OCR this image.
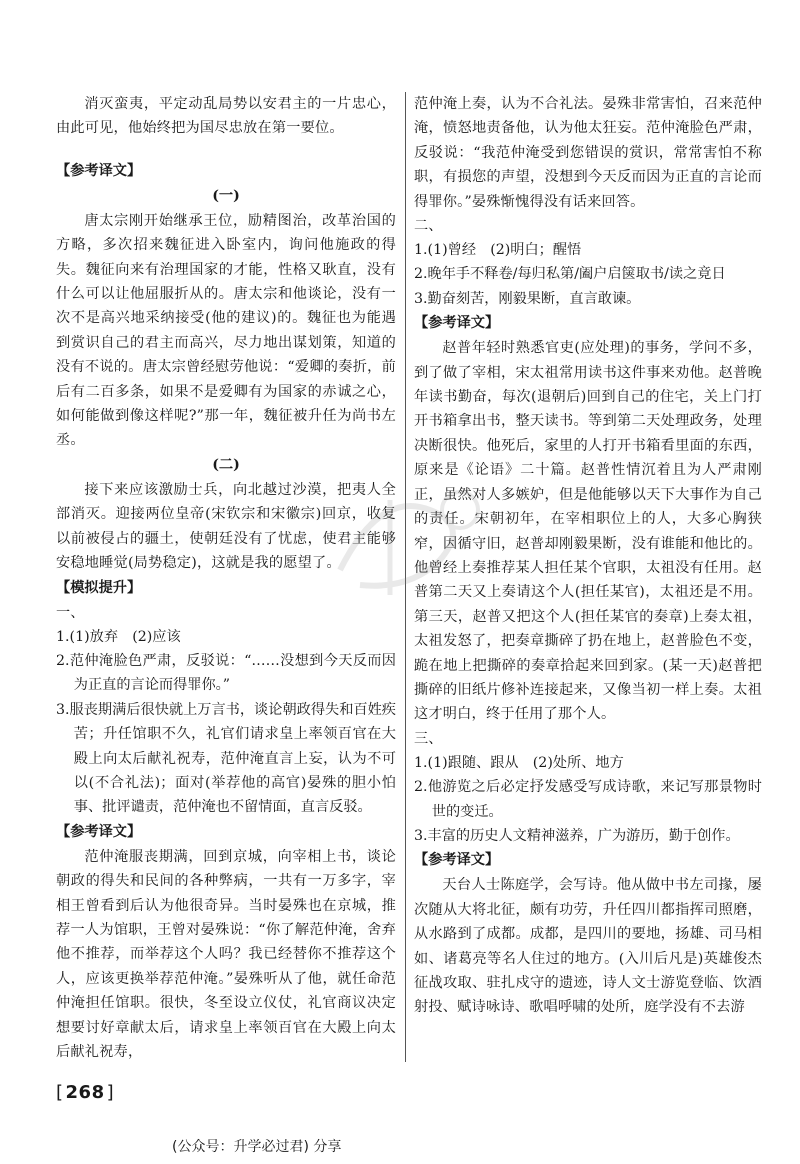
消灭蛮夷，平定动乱局势以安君主的一片忠心，由此可见，他始终把为国尽忠放在第一要位。

【参考译文】

(一)

唐太宗刚开始继承王位，励精图治，改革治国的方略，多次招来魏征进入卧室内，询问他施政的得失。魏征向来有治理国家的才能，性格又耿直，没有什么可以让他屈服折从的。唐太宗和他谈论，没有一次不是高兴地采纳接受(他的建议)的。魏征也为能遇到赏识自己的君主而高兴，尽力地出谋划策，知道的没有不说的。唐太宗曾经慰劳他说：“爱卿的奏折，前后有二百多条，如果不是爱卿有为国家的赤诚之心，如何能做到像这样呢?”那一年，魏征被升任为尚书左丞。

(二)

接下来应该激励士兵，向北越过沙漠，把夷人全部消灭。迎接两位皇帝(宋钦宗和宋徽宗)回京，收复以前被侵占的疆土，使朝廷没有了忧虑，使君主能够安稳地睡觉(局势稳定)，这就是我的愿望了。

【模拟提升】

一、

1.(1)放弃　(2)应该

2.范仲淹脸色严肃，反驳说：“……没想到今天反而因为正直的言论而得罪你。”

3.服丧期满后很快就上万言书，谈论朝政得失和百姓疾苦；升任馆职不久，礼官们请求皇上率领百官在大殿上向太后献礼祝寿，范仲淹直言上妄，认为不可以(不合礼法)；面对(举荐他的高官)晏殊的胆小怕事、批评谴责，范仲淹也不留情面，直言反驳。

【参考译文】

范仲淹服丧期满，回到京城，向宰相上书，谈论朝政的得失和民间的各种弊病，一共有一万多字，宰相王曾看到后认为他很奇异。当时晏殊也在京城，推荐一人为馆职，王曾对晏殊说：“你了解范仲淹，舍弃他不推荐，而举荐这个人吗？我已经替你不推荐这个人，应该更换举荐范仲淹。”晏殊听从了他，就任命范仲淹担任馆职。很快，冬至设立仪仗，礼官商议决定想要讨好章献太后，请求皇上率领百官在大殿上向太后献礼祝寿，

范仲淹上奏，认为不合礼法。晏殊非常害怕，召来范仲淹，愤怒地责备他，认为他太狂妄。范仲淹脸色严肃，反驳说：“我范仲淹受到您错误的赏识，常常害怕不称职，有损您的声望，没想到今天反而因为正直的言论而得罪你。”晏殊惭愧得没有话来回答。

二、

1.(1)曾经　(2)明白；醒悟

2.晚年手不释卷/每归私第/阖户启箧取书/读之竟日

3.勤奋刻苦，刚毅果断，直言敢谏。

【参考译文】

赵普年轻时熟悉官吏(应处理)的事务，学问不多，到了做了宰相，宋太祖常用读书这件事来劝他。赵普晚年读书勤奋，每次(退朝后)回到自己的住宅，关上门打开书箱拿出书，整天读书。等到第二天处理政务，处理决断很快。他死后，家里的人打开书箱看里面的东西，原来是《论语》二十篇。赵普性情沉着且为人严肃刚正，虽然对人多嫉妒，但是他能够以天下大事作为自己的责任。宋朝初年，在宰相职位上的人，大多心胸狭窄，因循守旧，赵普却刚毅果断，没有谁能和他比的。他曾经上奏推荐某人担任某个官职，太祖没有任用。赵普第二天又上奏请这个人(担任某官)，太祖还是不用。第三天，赵普又把这个人(担任某官的奏章)上奏太祖，太祖发怒了，把奏章撕碎了扔在地上，赵普脸色不变，跪在地上把撕碎的奏章拾起来回到家。(某一天)赵普把撕碎的旧纸片修补连接起来，又像当初一样上奏。太祖这才明白，终于任用了那个人。

三、

1.(1)跟随、跟从　(2)处所、地方

2.他游览之后必定抒发感受写成诗歌，来记写那景物时世的变迁。

3.丰富的历史人文精神滋养，广为游历，勤于创作。

【参考译文】

天台人士陈庭学，会写诗。他从做中书左司掾，屡次随从大将北征，颇有功劳，升任四川都指挥司照磨，从水路到了成都。成都，是四川的要地，扬雄、司马相如、诸葛亮等名人住过的地方。(入川后凡是)英雄俊杰征战攻取、驻扎戍守的遗迹，诗人文士游览登临、饮酒射投、赋诗咏诗、歌唱呼啸的处所，庭学没有不去游

[ 268 ]
(公众号：升学必过君) 分享
